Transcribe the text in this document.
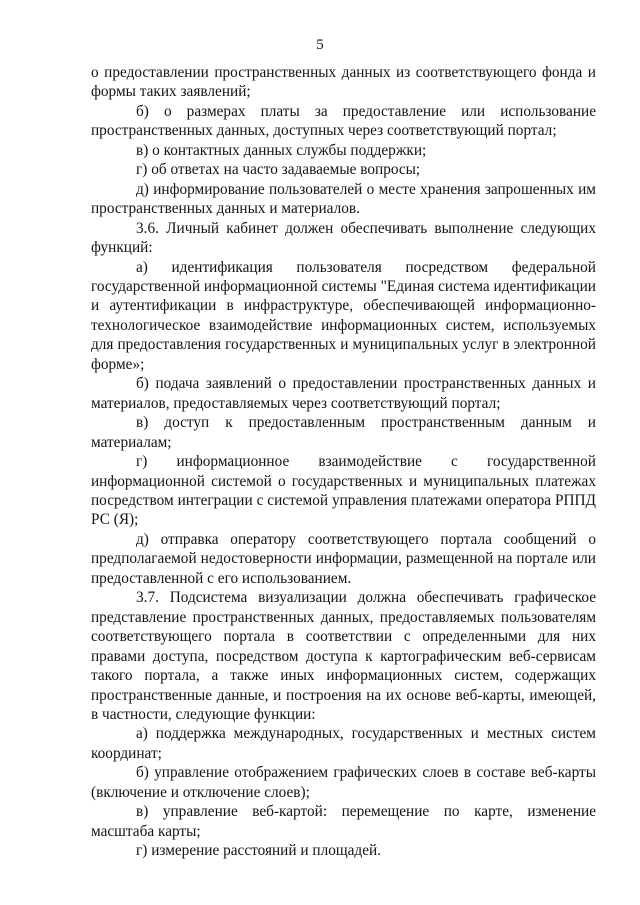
5

о предоставлении пространственных данных из соответствующего фонда и формы таких заявлений;

б) о размерах платы за предоставление или использование пространственных данных, доступных через соответствующий портал;

в) о контактных данных службы поддержки;

г) об ответах на часто задаваемые вопросы;

д) информирование пользователей о месте хранения запрошенных им пространственных данных и материалов.

3.6. Личный кабинет должен обеспечивать выполнение следующих функций:

а) идентификация пользователя посредством федеральной государственной информационной системы "Единая система идентификации и аутентификации в инфраструктуре, обеспечивающей информационно-технологическое взаимодействие информационных систем, используемых для предоставления государственных и муниципальных услуг в электронной форме»;

б) подача заявлений о предоставлении пространственных данных и материалов, предоставляемых через соответствующий портал;

в) доступ к предоставленным пространственным данным и материалам;

г) информационное взаимодействие с государственной информационной системой о государственных и муниципальных платежах посредством интеграции с системой управления платежами оператора РППД РС (Я);

д) отправка оператору соответствующего портала сообщений о предполагаемой недостоверности информации, размещенной на портале или предоставленной с его использованием.

3.7. Подсистема визуализации должна обеспечивать графическое представление пространственных данных, предоставляемых пользователям соответствующего портала в соответствии с определенными для них правами доступа, посредством доступа к картографическим веб-сервисам такого портала, а также иных информационных систем, содержащих пространственные данные, и построения на их основе веб-карты, имеющей, в частности, следующие функции:

а) поддержка международных, государственных и местных систем координат;

б) управление отображением графических слоев в составе веб-карты (включение и отключение слоев);

в) управление веб-картой: перемещение по карте, изменение масштаба карты;

г) измерение расстояний и площадей.
